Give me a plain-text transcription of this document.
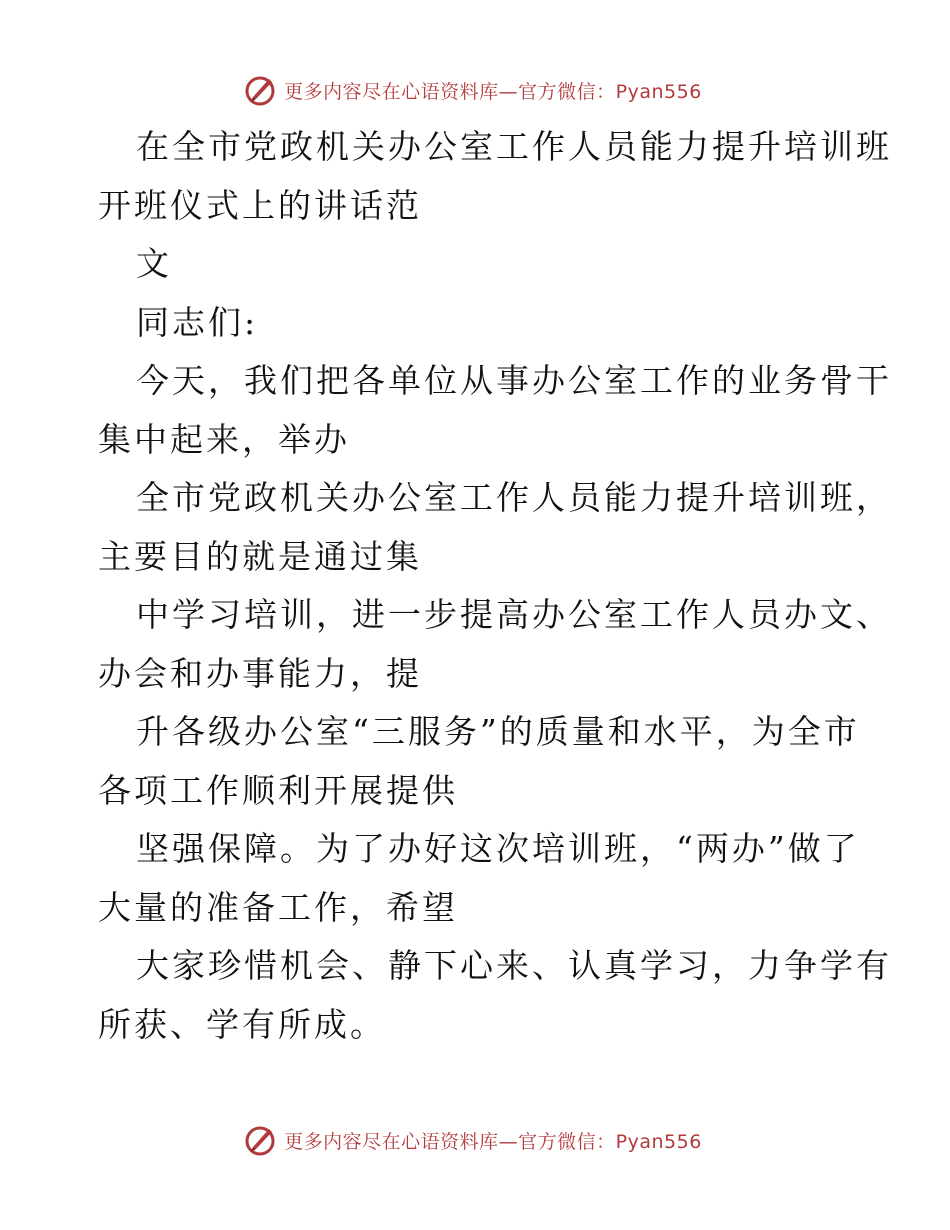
更多内容尽在心语资料库—官方微信：Pyan556
在全市党政机关办公室工作人员能力提升培训班
开班仪式上的讲话范
文
同志们:
今天，我们把各单位从事办公室工作的业务骨干
集中起来，举办
全市党政机关办公室工作人员能力提升培训班，
主要目的就是通过集
中学习培训，进一步提高办公室工作人员办文、
办会和办事能力，提
升各级办公室“三服务”的质量和水平，为全市
各项工作顺利开展提供
坚强保障。为了办好这次培训班，“两办”做了
大量的准备工作，希望
大家珍惜机会、静下心来、认真学习，力争学有
所获、学有所成。
更多内容尽在心语资料库—官方微信：Pyan556
